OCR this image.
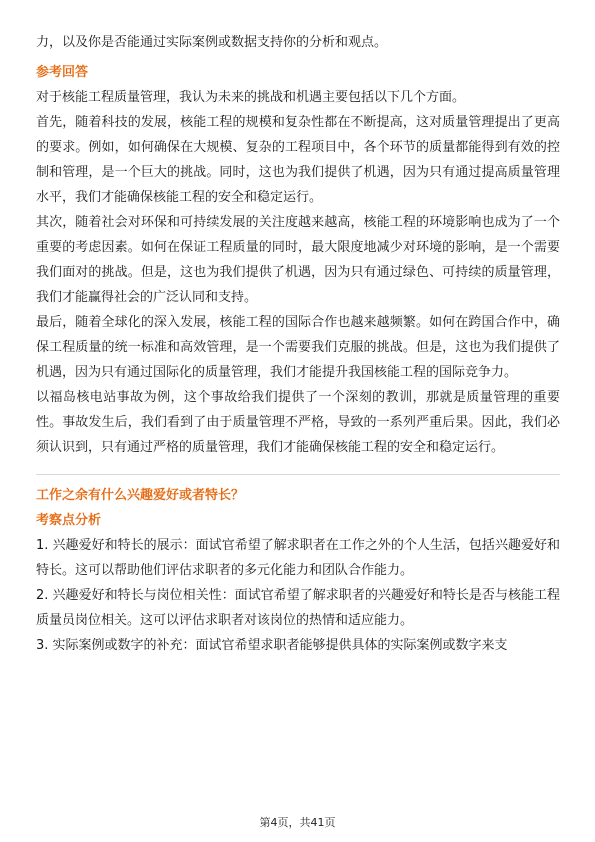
力，以及你是否能通过实际案例或数据支持你的分析和观点。

参考回答

对于核能工程质量管理，我认为未来的挑战和机遇主要包括以下几个方面。

首先，随着科技的发展，核能工程的规模和复杂性都在不断提高，这对质量管理提出了更高的要求。例如，如何确保在大规模、复杂的工程项目中，各个环节的质量都能得到有效的控制和管理，是一个巨大的挑战。同时，这也为我们提供了机遇，因为只有通过提高质量管理水平，我们才能确保核能工程的安全和稳定运行。

其次，随着社会对环保和可持续发展的关注度越来越高，核能工程的环境影响也成为了一个重要的考虑因素。如何在保证工程质量的同时，最大限度地减少对环境的影响，是一个需要我们面对的挑战。但是，这也为我们提供了机遇，因为只有通过绿色、可持续的质量管理，我们才能赢得社会的广泛认同和支持。

最后，随着全球化的深入发展，核能工程的国际合作也越来越频繁。如何在跨国合作中，确保工程质量的统一标准和高效管理，是一个需要我们克服的挑战。但是，这也为我们提供了机遇，因为只有通过国际化的质量管理，我们才能提升我国核能工程的国际竞争力。

以福岛核电站事故为例，这个事故给我们提供了一个深刻的教训，那就是质量管理的重要性。事故发生后，我们看到了由于质量管理不严格，导致的一系列严重后果。因此，我们必须认识到，只有通过严格的质量管理，我们才能确保核能工程的安全和稳定运行。

工作之余有什么兴趣爱好或者特长？

考察点分析

1. 兴趣爱好和特长的展示：面试官希望了解求职者在工作之外的个人生活，包括兴趣爱好和特长。这可以帮助他们评估求职者的多元化能力和团队合作能力。

2. 兴趣爱好和特长与岗位相关性：面试官希望了解求职者的兴趣爱好和特长是否与核能工程质量员岗位相关。这可以评估求职者对该岗位的热情和适应能力。

3. 实际案例或数字的补充：面试官希望求职者能够提供具体的实际案例或数字来支

第4页，共41页
